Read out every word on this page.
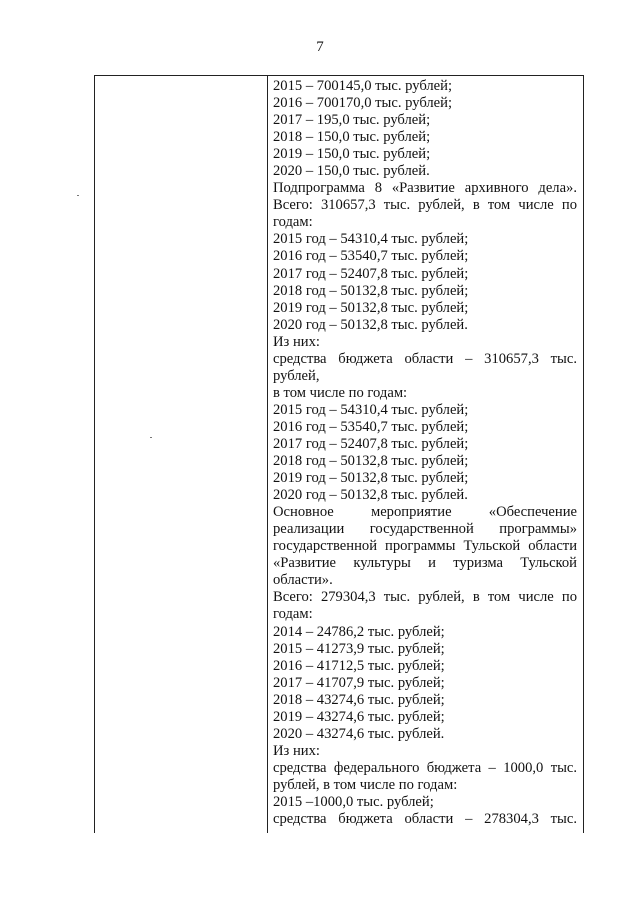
7
2015 – 700145,0 тыс. рублей;
2016 – 700170,0 тыс. рублей;
2017 – 195,0 тыс. рублей;
2018 – 150,0 тыс. рублей;
2019 – 150,0 тыс. рублей;
2020 – 150,0 тыс. рублей.
Подпрограмма 8 «Развитие архивного дела».
Всего: 310657,3 тыс. рублей, в том числе по
годам:
2015 год – 54310,4 тыс. рублей;
2016 год – 53540,7 тыс. рублей;
2017 год – 52407,8 тыс. рублей;
2018 год – 50132,8 тыс. рублей;
2019 год – 50132,8 тыс. рублей;
2020 год – 50132,8 тыс. рублей.
Из них:
средства бюджета области – 310657,3 тыс.
рублей,
в том числе по годам:
2015 год – 54310,4 тыс. рублей;
2016 год – 53540,7 тыс. рублей;
2017 год – 52407,8 тыс. рублей;
2018 год – 50132,8 тыс. рублей;
2019 год – 50132,8 тыс. рублей;
2020 год – 50132,8 тыс. рублей.
Основное мероприятие «Обеспечение
реализации государственной программы»
государственной программы Тульской области
«Развитие культуры и туризма Тульской
области».
Всего: 279304,3 тыс. рублей, в том числе по
годам:
2014 – 24786,2 тыс. рублей;
2015 – 41273,9 тыс. рублей;
2016 – 41712,5 тыс. рублей;
2017 – 41707,9 тыс. рублей;
2018 – 43274,6 тыс. рублей;
2019 – 43274,6 тыс. рублей;
2020 – 43274,6 тыс. рублей.
Из них:
средства федерального бюджета – 1000,0 тыс.
рублей, в том числе по годам:
2015 –1000,0 тыс. рублей;
средства бюджета области – 278304,3 тыс.
